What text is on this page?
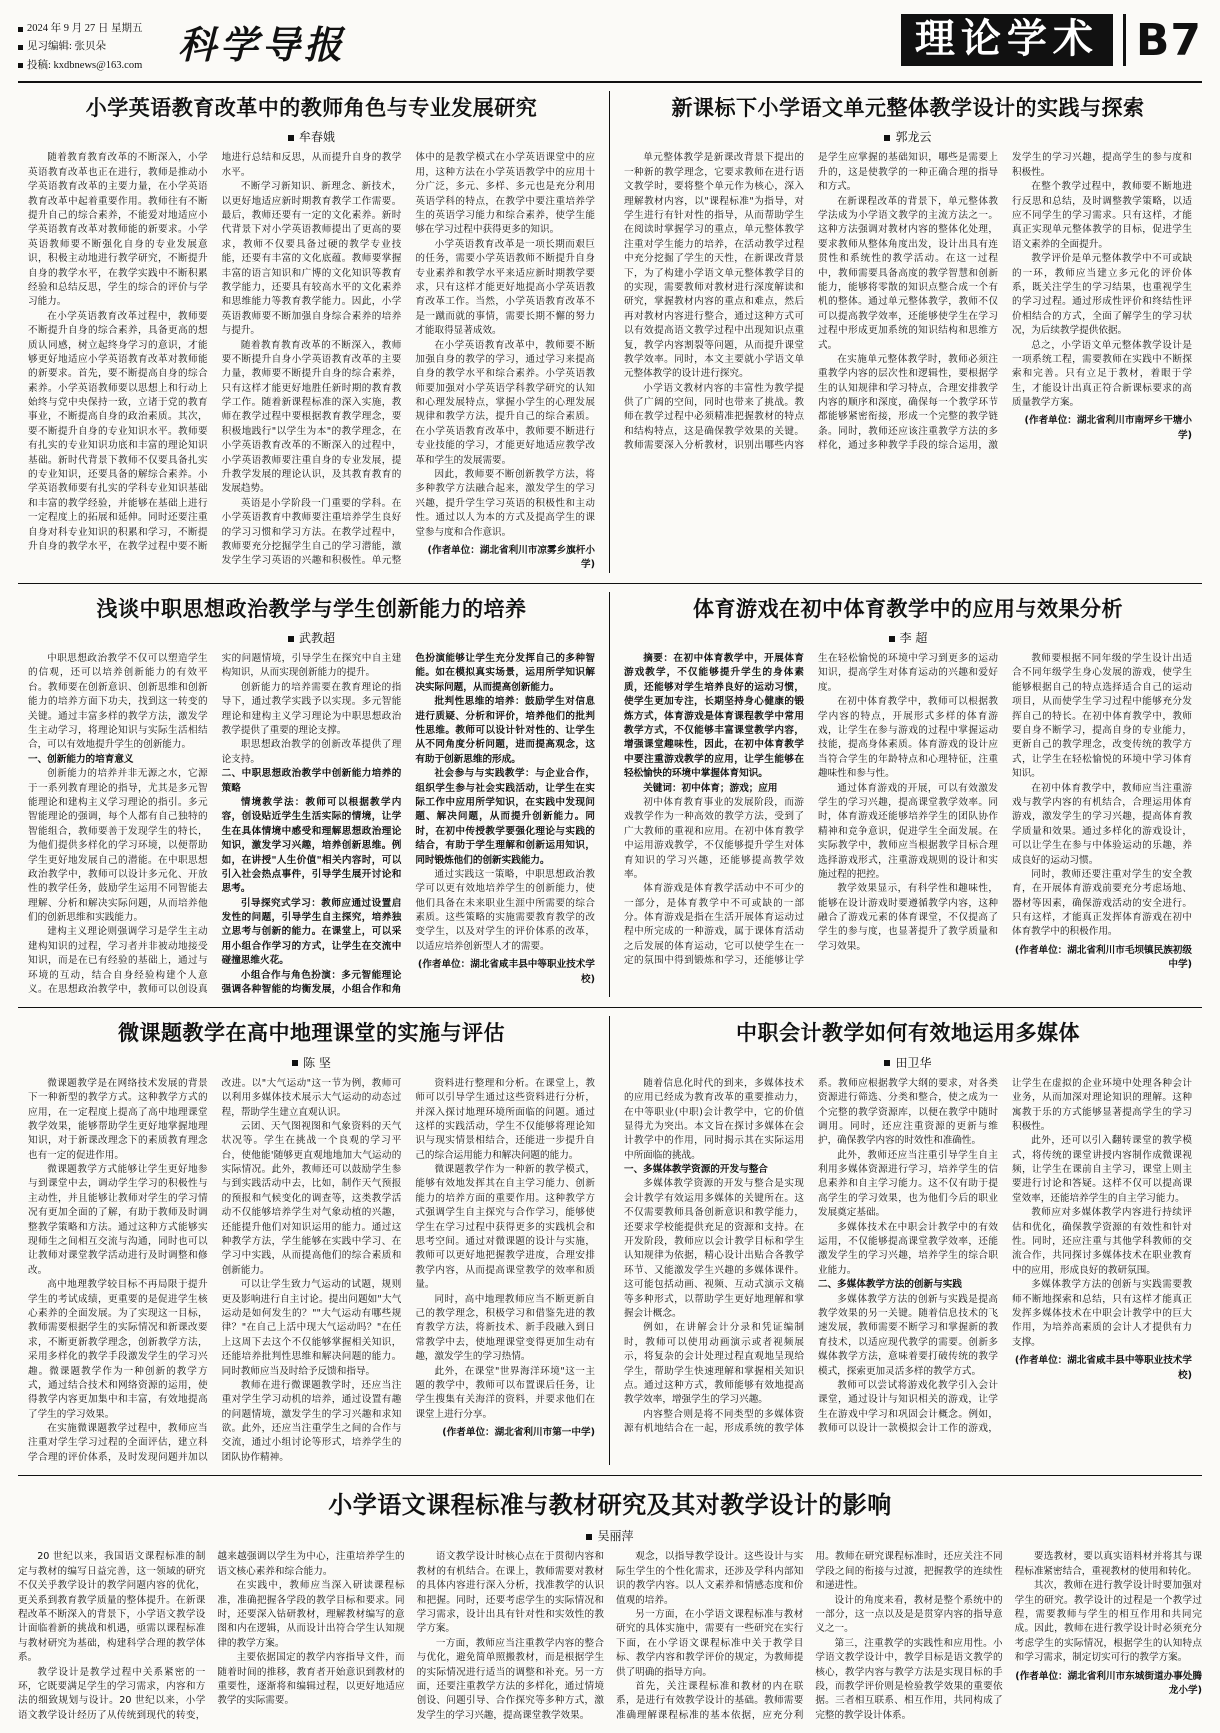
2024 年 9 月 27 日 星期五
见习编辑: 张贝朵
投稿: kxdbnews@163.com 科学导报	理论学术 B7
小学英语教育改革中的教师角色与专业发展研究
牟春娥

随着教育教育改革的不断深入，小学英语教育改革也正在进行，教师是推动小学英语教育改革的主要力量，在小学英语教育改革中起着重要作用。教师往有不断提升自己的综合素养，不能爱对地适应小学英语教育改革对教师能的新要求。小学英语教师要不断强化自身的专业发展意识，积极主动地进行教学研究，不断提升自身的教学水平，在教学实践中不断积累经验和总结反思，学生的综合的评价与学习能力。

在小学英语教育改革过程中，教师要不断提升自身的综合素养，具备更高的想质认同感，树立起终身学习的意识，才能够更好地适应小学英语教育改革对教师能的新要求。首先，要不断提高自身的综合素养。小学英语教师要以思想上和行动上始终与党中央保持一致，立诸于党的教育事业，不断提高自身的政治素质。其次，要不断提升自身的专业知识水平。教师要有扎实的专业知识功底和丰富的理论知识基础。新时代背景下教师不仅要具备扎实的专业知识，还要具备的解综合素养。小学英语教师要有扎实的学科专业知识基础和丰富的教学经验，并能够在基础上进行一定程度上的拓展和延伸。同时还要注重自身对科专业知识的积累和学习，不断提升自身的教学水平，在教学过程中要不断地进行总结和反思，从而提升自身的教学水平。

不断学习新知识、新理念、新技术，以更好地适应新时期教育教学工作需要。最后，教师还要有一定的文化素养。新时代背景下对小学英语教师提出了更高的要求，教师不仅要具备过硬的教学专业技能，还要有丰富的文化底蕴。教师要掌握丰富的语言知识和广博的文化知识等教育教学能力，还要具有较高水平的文化素养和思维能力等教育教学能力。因此，小学英语教师要不断加强自身综合素养的培养与提升。

随着教育教育改革的不断深入，教师要不断提升自身小学英语教育改革的主要力量，教师要不断提升自身的综合素养，只有这样才能更好地胜任新时期的教育教学工作。随着新课程标准的深入实施，教师在教学过程中要根据教育教学理念，要积极地践行"以学生为本"的教学理念，在小学英语教育改革的不断深入的过程中，小学英语教师要注重自身的专业发展，提升教学发展的理论认识，及其教育教育的发展趋势。

英语是小学阶段一门重要的学科。在小学英语教育中教师要注重培养学生良好的学习习惯和学习方法。在教学过程中，教师要充分挖掘学生自己的学习潜能，激发学生学习英语的兴趣和积极性。单元整体中的是教学模式在小学英语课堂中的应用，这种方法在小学英语教学中的应用十分广泛，多元、多样、多元也是充分利用英语学科的特点，在教学中要注重培养学生的英语学习能力和综合素养，使学生能够在学习过程中获得更多的知识。

小学英语教育改革是一项长期而艰巨的任务，需要小学英语教师不断提升自身专业素养和教学水平来适应新时期教学要求，只有这样才能更好地提高小学英语教育改革工作。当然，小学英语教育改革不是一蹴而就的事情，需要长期不懈的努力才能取得显著成效。

在小学英语教育改革中，教师要不断加强自身的教学的学习，通过学习来提高自身的教学水平和综合素养。小学英语教师要加强对小学英语学科教学研究的认知和心理发展特点，掌握小学生的心理发展规律和教学方法，提升自己的综合素质。在小学英语教育改革中，教师要不断进行专业技能的学习，才能更好地适应教学改革和学生的发展需要。

因此，教师要不断创新教学方法，将多种教学方法融合起来，激发学生的学习兴趣，提升学生学习英语的积极性和主动性。通过以人为本的方式及提高学生的课堂参与度和合作意识。

(作者单位：湖北省利川市凉雾乡旗杆小学)
新课标下小学语文单元整体教学设计的实践与探索
郭龙云

单元整体教学是新课改背景下提出的一种新的教学理念，它要求教师在进行语文教学时，要将整个单元作为核心，深入理解教材内容，以"课程标准"为指导，对学生进行有针对性的指导，从而帮助学生在阅读时掌握学习的重点，单元整体教学注重对学生能力的培养，在活动教学过程中充分挖掘了学生的天性，在新课改背景下，为了构建小学语文单元整体教学目的的实现，需要教师对教材进行深度解读和研究，掌握教材内容的重点和难点，然后再对教材内容进行整合，通过这种方式可以有效提高语文教学过程中出现知识点重复，教学内容割裂等问题，从而提升课堂教学效率。同时，本文主要就小学语文单元整体教学的设计进行探究。

小学语文教材内容的丰富性为教学提供了广阔的空间，同时也带来了挑战。教师在教学过程中必须精准把握教材的特点和结构特点，这是确保教学效果的关键。教师需要深入分析教材，识别出哪些内容是学生应掌握的基础知识，哪些是需要上升的，这是使教学的一种正确合理的指导和方式。

在新课程改革的背景下，单元整体教学法成为小学语文教学的主流方法之一。这种方法强调对教材内容的整体化处理，要求教师从整体角度出发，设计出具有连贯性和系统性的教学活动。在这一过程中，教师需要具备高度的教学智慧和创新能力，能够将零散的知识点整合成一个有机的整体。通过单元整体教学，教师不仅可以提高教学效率，还能够使学生在学习过程中形成更加系统的知识结构和思维方式。

在实施单元整体教学时，教师必须注重教学内容的层次性和逻辑性，要根据学生的认知规律和学习特点，合理安排教学内容的顺序和深度，确保每一个教学环节都能够紧密衔接，形成一个完整的教学链条。同时，教师还应该注重教学方法的多样化，通过多种教学手段的综合运用，激发学生的学习兴趣，提高学生的参与度和积极性。

在整个教学过程中，教师要不断地进行反思和总结，及时调整教学策略，以适应不同学生的学习需求。只有这样，才能真正实现单元整体教学的目标，促进学生语文素养的全面提升。

教学评价是单元整体教学中不可或缺的一环，教师应当建立多元化的评价体系，既关注学生的学习结果，也重视学生的学习过程。通过形成性评价和终结性评价相结合的方式，全面了解学生的学习状况，为后续教学提供依据。

总之，小学语文单元整体教学设计是一项系统工程，需要教师在实践中不断探索和完善。只有立足于教材，着眼于学生，才能设计出真正符合新课标要求的高质量教学方案。

(作者单位：湖北省利川市南坪乡干塘小学)
浅谈中职思想政治教学与学生创新能力的培养
武教超

中职思想政治教学不仅可以塑造学生的信观，还可以培养创新能力的有效平台。教师要在创新意识、创新思维和创新能力的培养方面下功夫，找到这一转变的关键。通过丰富多样的教学方法，激发学生主动学习，将理论知识与实际生活相结合，可以有效地提升学生的创新能力。

一、创新能力的培育意义

创新能力的培养并非无源之水，它源于一系列教育理论的指导，尤其是多元智能理论和建构主义学习理论的指引。多元智能理论的强调，每个人都有自己独特的智能组合，教师要善于发现学生的特长，为他们提供多样化的学习环境，以便帮助学生更好地发展自己的潜能。在中职思想政治教学中，教师可以设计多元化、开放性的教学任务，鼓励学生运用不同智能去理解、分析和解决实际问题，从而培养他们的创新思维和实践能力。

建构主义理论则强调学习是学生主动建构知识的过程，学习者并非被动地接受知识，而是在已有经验的基础上，通过与环境的互动，结合自身经验构建个人意义。在思想政治教学中，教师可以创设真实的问题情境，引导学生在探究中自主建构知识，从而实现创新能力的提升。

创新能力的培养需要在教育理论的指导下，通过教学实践予以实现。多元智能理论和建构主义学习理论为中职思想政治教学提供了重要的理论支撑。

职思想政治教学的创新改革提供了理论支持。

二、中职思想政治教学中创新能力培养的策略

情境教学法：教师可以根据教学内容，创设贴近学生生活实际的情境，让学生在具体情境中感受和理解思想政治理论知识，激发学习兴趣，培养创新思维。例如，在讲授"人生价值"相关内容时，可以引入社会热点事件，引导学生展开讨论和思考。

引导探究式学习：教师应通过设置启发性的问题，引导学生自主探究，培养独立思考与创新的能力。在课堂上，可以采用小组合作学习的方式，让学生在交流中碰撞思维火花。

小组合作与角色扮演：多元智能理论强调各种智能的均衡发展，小组合作和角色扮演能够让学生充分发挥自己的多种智能。如在模拟真实场景，运用所学知识解决实际问题，从而提高创新能力。

批判性思维的培养：鼓励学生对信息进行质疑、分析和评价，培养他们的批判性思维。教师可以设计针对性的、让学生从不同角度分析问题，进而提高观念，这有助于创新思维的形成。

社会参与与实践教学：与企业合作，组织学生参与社会实践活动，让学生在实际工作中应用所学知识，在实践中发现问题、解决问题，从而提升创新能力。同时，在初中传授教学要强化理论与实践的结合，有助于学生理解和创新运用知识，同时锻炼他们的创新实践能力。

通过实践这一策略，中职思想政治教学可以更有效地培养学生的创新能力，使他们具备在未来职业生涯中所需要的综合素质。这些策略的实施需要教育教学的改变学生，以及对学生的评价体系的改革，以适应培养创新型人才的需要。

(作者单位：湖北省咸丰县中等职业技术学校)
体育游戏在初中体育教学中的应用与效果分析
李 超

摘要：在初中体育教学中，开展体育游戏教学，不仅能够提升学生的身体素质，还能够对学生培养良好的运动习惯，使学生更加专注，长期坚持身心健康的锻炼方式，体育游戏是体育课程教学中常用教学方式，不仅能够丰富课堂教学内容，增强课堂趣味性，因此，在初中体育教学中要注重游戏教学的应用，让学生能够在轻松愉快的环境中掌握体育知识。

关键词：初中体育；游戏；应用

初中体育教育事业的发展阶段，而游戏教学作为一种高效的教学方法，受到了广大教师的重视和应用。在初中体育教学中运用游戏教学，不仅能够提升学生对体育知识的学习兴趣，还能够提高教学效率。

体育游戏是体育教学活动中不可少的一部分，是体育教学中不可或缺的一部分。体育游戏是指在生活开展体育运动过程中所完成的一种游戏，属于课体育活动之后发展的体育运动，它可以使学生在一定的氛围中得到锻炼和学习，还能够让学生在轻松愉悦的环境中学习到更多的运动知识，提高学生对体育运动的兴趣和爱好度。

在初中体育教学中，教师可以根据教学内容的特点，开展形式多样的体育游戏，让学生在参与游戏的过程中掌握运动技能，提高身体素质。体育游戏的设计应当符合学生的年龄特点和心理特征，注重趣味性和参与性。

通过体育游戏的开展，可以有效激发学生的学习兴趣，提高课堂教学效率。同时，体育游戏还能够培养学生的团队协作精神和竞争意识，促进学生全面发展。在实际教学中，教师应当根据教学目标合理选择游戏形式，注重游戏规则的设计和实施过程的把控。

教学效果显示，有科学性和趣味性，能够在设计游戏时要遵循教学内容，这种融合了游戏元素的体育课堂，不仅提高了学生的参与度，也显著提升了教学质量和学习效果。

教师要根据不同年级的学生设计出适合不同年级学生身心发展的游戏，使学生能够根据自己的特点选择适合自己的运动项目，从而使学生学习过程中能够充分发挥自己的特长。在初中体育教学中，教师要自身不断学习，提高自身的专业能力，更新自己的教学理念，改变传统的教学方式，让学生在轻松愉悦的环境中学习体育知识。

在初中体育教学中，教师应当注重游戏与教学内容的有机结合，合理运用体育游戏，激发学生的学习兴趣，提高体育教学质量和效果。通过多样化的游戏设计，可以让学生在参与中体验运动的乐趣，养成良好的运动习惯。

同时，教师还要注重对学生的安全教育，在开展体育游戏前要充分考虑场地、器材等因素，确保游戏活动的安全进行。只有这样，才能真正发挥体育游戏在初中体育教学中的积极作用。

(作者单位：湖北省利川市毛坝镇民族初级中学)
微课题教学在高中地理课堂的实施与评估
陈 坚

微课题教学是在网络技术发展的背景下一种新型的教学方式。这种教学方式的应用，在一定程度上提高了高中地理课堂教学效果，能够帮助学生更好地掌握地理知识，对于新课改理念下的素质教育理念也有一定的促进作用。

微课题教学方式能够让学生更好地参与到课堂中去，调动学生学习的积极性与主动性，并且能够让教师对学生的学习情况有更加全面的了解，有助于教师及时调整教学策略和方法。通过这种方式能够实现师生之间相互交流与沟通，同时也可以让教师对课堂教学活动进行及时调整和修改。

高中地理教学较目标不再局限于提升学生的考试成绩，更重要的是促进学生核心素养的全面发展。为了实现这一目标，教师需要根据学生的实际情况和新课改要求，不断更新教学理念，创新教学方法，采用多样化的教学手段激发学生的学习兴趣。微课题教学作为一种创新的教学方式，通过结合技术和网络资源的运用，使得教学内容更加集中和丰富，有效地提高了学生的学习效果。

在实施微课题教学过程中，教师应当注重对学生学习过程的全面评估，建立科学合理的评价体系，及时发现问题并加以改进。以"大气运动"这一节为例，教师可以利用多媒体技术展示大气运动的动态过程，帮助学生建立直观认识。

云团、天气图视图和气象资料的天气状况等。学生在挑战一个良观的学习平台，使他能'随够更直观地地加大气运动的实际情况。此外，教师还可以鼓励学生参与到实践活动中去，比如，制作天气预报的预报和气候变化的调查等，这类教学活动不仅能够培养学生对气象动植的兴趣，还能提升他们对知识运用的能力。通过这种教学方法，学生能够在实践中学习、在学习中实践，从而提高他们的综合素质和创新能力。

可以让学生致力气运动的试题，规则更及影响进行自主讨论。提出问题如"大气运动是如何发生的？""大气运动有哪些规律？"在自己上活中现大气运动吗？"在任上这周下去这个不仅能够掌握相关知识，还能培养批判性思维和解决问题的能力。同时教师应当及时给予反馈和指导。

教师在进行微课题教学时，还应当注重对学生学习动机的培养，通过设置有趣的问题情境，激发学生的学习兴趣和求知欲。此外，还应当注重学生之间的合作与交流，通过小组讨论等形式，培养学生的团队协作精神。

资料进行整理和分析。在课堂上，教师可以引导学生通过这些资料进行分析，并深入探讨地理环境所面临的问题。通过这样的实践活动，学生不仅能够将理论知识与现实情景相结合，还能进一步提升自己的综合运用能力和解决问题的能力。

微课题教学作为一种新的教学模式，能够有效地发挥其在自主学习能力、创新能力的培养方面的重要作用。这种教学方式强调学生自主探究与合作学习，能够使学生在学习过程中获得更多的实践机会和思考空间。通过对微课题的设计与实施，教师可以更好地把握教学进度，合理安排教学内容，从而提高课堂教学的效率和质量。

同时，高中地理教师应当不断更新自己的教学理念，积极学习和借鉴先进的教育教学方法，将新技术、新手段融入到日常教学中去，使地理课堂变得更加生动有趣，激发学生的学习热情。

此外，在课堂"世界海洋环境"这一主题的教学中，教师可以布置课后任务，让学生搜集有关海洋的资料，并要求他们在课堂上进行分享。

(作者单位：湖北省利川市第一中学)
中职会计教学如何有效地运用多媒体
田卫华

随着信息化时代的到来，多媒体技术的应用已经成为教育改革的重要推动力，在中等职业(中职)会计教学中，它的价值显得尤为突出。本文旨在探讨多媒体在会计教学中的作用，同时揭示其在实际运用中所面临的挑战。

一、多媒体教学资源的开发与整合

多媒体教学资源的开发与整合是实现会计教学有效运用多媒体的关键所在。这不仅需要教师具备创新意识和教学能力，还要求学校能提供充足的资源和支持。在开发阶段，教师应以会计教学目标和学生认知规律为依据，精心设计出贴合各教学环节、又能激发学生兴趣的多媒体课件。这可能包括动画、视频、互动式演示文稿等多种形式，以帮助学生更好地理解和掌握会计概念。

例如，在讲解会计分录和凭证编制时，教师可以使用动画演示或者视频展示，将复杂的会计处理过程直观地呈现给学生，帮助学生快速理解和掌握相关知识点。通过这种方式，教师能够有效地提高教学效率，增强学生的学习兴趣。

内容整合则是将不同类型的多媒体资源有机地结合在一起，形成系统的教学体系。教师应根据教学大纲的要求，对各类资源进行筛选、分类和整合，使之成为一个完整的教学资源库，以便在教学中随时调用。同时，还应注重资源的更新与维护，确保教学内容的时效性和准确性。

此外，教师还应当注重引导学生自主利用多媒体资源进行学习，培养学生的信息素养和自主学习能力。这不仅有助于提高学生的学习效果，也为他们今后的职业发展奠定基础。

多媒体技术在中职会计教学中的有效运用，不仅能够提高课堂教学效率，还能激发学生的学习兴趣，培养学生的综合职业能力。

二、多媒体教学方法的创新与实践

多媒体教学方法的创新与实践是提高教学效果的另一关键。随着信息技术的飞速发展，教师需要不断学习和掌握新的教育技术，以适应现代教学的需要。创新多媒体教学方法，意味着要打破传统的教学模式，探索更加灵活多样的教学方式。

教师可以尝试将游戏化教学引入会计课堂，通过设计与知识相关的游戏，让学生在游戏中学习和巩固会计概念。例如，教师可以设计一款模拟会计工作的游戏，让学生在虚拟的企业环境中处理各种会计业务，从而加深对理论知识的理解。这种寓教于乐的方式能够显著提高学生的学习积极性。

此外，还可以引入翻转课堂的教学模式，将传统的课堂讲授内容制作成微课视频，让学生在课前自主学习，课堂上则主要进行讨论和答疑。这样不仅可以提高课堂效率，还能培养学生的自主学习能力。

教师应对多媒体教学内容进行持续评估和优化，确保教学资源的有效性和针对性。同时，还应注重与其他学科教师的交流合作，共同探讨多媒体技术在职业教育中的应用，形成良好的教研氛围。

多媒体教学方法的创新与实践需要教师不断地探索和总结，只有这样才能真正发挥多媒体技术在中职会计教学中的巨大作用，为培养高素质的会计人才提供有力支撑。

(作者单位：湖北省咸丰县中等职业技术学校)
小学语文课程标准与教材研究及其对教学设计的影响
吴丽萍

20 世纪以来，我国语文课程标准的制定与教材的编写日益完善，这一领域的研究不仅关乎教学设计的教学问题内容的优化，更关系到教育教学质量的整体提升。在新课程改革不断深入的背景下，小学语文教学设计面临着新的挑战和机遇，亟需以课程标准与教材研究为基础，构建科学合理的教学体系。

教学设计是教学过程中关系紧密的一环，它既要满足学生的学习需求，内容和方法的细致规划与设计。20 世纪以来，小学语文教学设计经历了从传统到现代的转变，越来越强调以学生为中心，注重培养学生的语文核心素养和综合能力。

在实践中，教师应当深入研读课程标准，准确把握各学段的教学目标和要求。同时，还要深入钻研教材，理解教材编写的意图和内在逻辑，从而设计出符合学生认知规律的教学方案。

主要依据国定的教学内容指导文件，而随着时间的推移，教育者开始意识到教材的重要性，逐渐将和编辑过程，以更好地适应教学的实际需要。

语文教学设计时核心点在于贯彻内容和教材的有机结合。在课上，教师需要对教材的具体内容进行深入分析，找准教学的认识和把握。同时，还要考虑学生的实际情况和学习需求，设计出具有针对性和实效性的教学方案。

一方面，教师应当注重教学内容的整合与优化，避免简单照搬教材，而是根据学生的实际情况进行适当的调整和补充。另一方面，还要注重教学方法的多样化，通过情境创设、问题引导、合作探究等多种方式，激发学生的学习兴趣，提高课堂教学效果。

观念，以指导教学设计。这些设计与实际生学生的个性化需求，还涉及学科内部知识的教学内容。以人文素养和情感态度和价值观的培养。

另一方面，在小学语文课程标准与教材研究的具体实施中，需要有一些研究在实行下面，在小学语文课程标准中关于教学目标、教学内容和教学评价的规定，为教师提供了明确的指导方向。

首先，关注课程标准和教材的内在联系，是进行有效教学设计的基础。教师需要准确理解课程标准的基本依据，应充分利用。教师在研究课程标准时，还应关注不同学段之间的衔接与过渡，把握教学的连续性和递进性。

设计的角度来看，教材是整个系统中的一部分，这一点以及是是贯穿内容的指导意义之一。

第三，注重教学的实践性和应用性。小学语文教学设计中，教学目标是语文教学的核心，教学内容与教学方法是实现目标的手段，而教学评价则是检验教学效果的重要依据。三者相互联系、相互作用，共同构成了完整的教学设计体系。

要选教材，要以真实语料材并将其与课程标准紧密结合，重视教材的使用和转化。

其次，教师在进行教学设计时要加强对学生的研究。教学设计的过程是一个教学过程，需要教师与学生的相互作用和共同完成。因此，教师在进行教学设计时必须充分考虑学生的实际情况，根据学生的认知特点和学习需求，制定切实可行的教学方案。

(作者单位：湖北省利川市东城街道办事处腾龙小学)
